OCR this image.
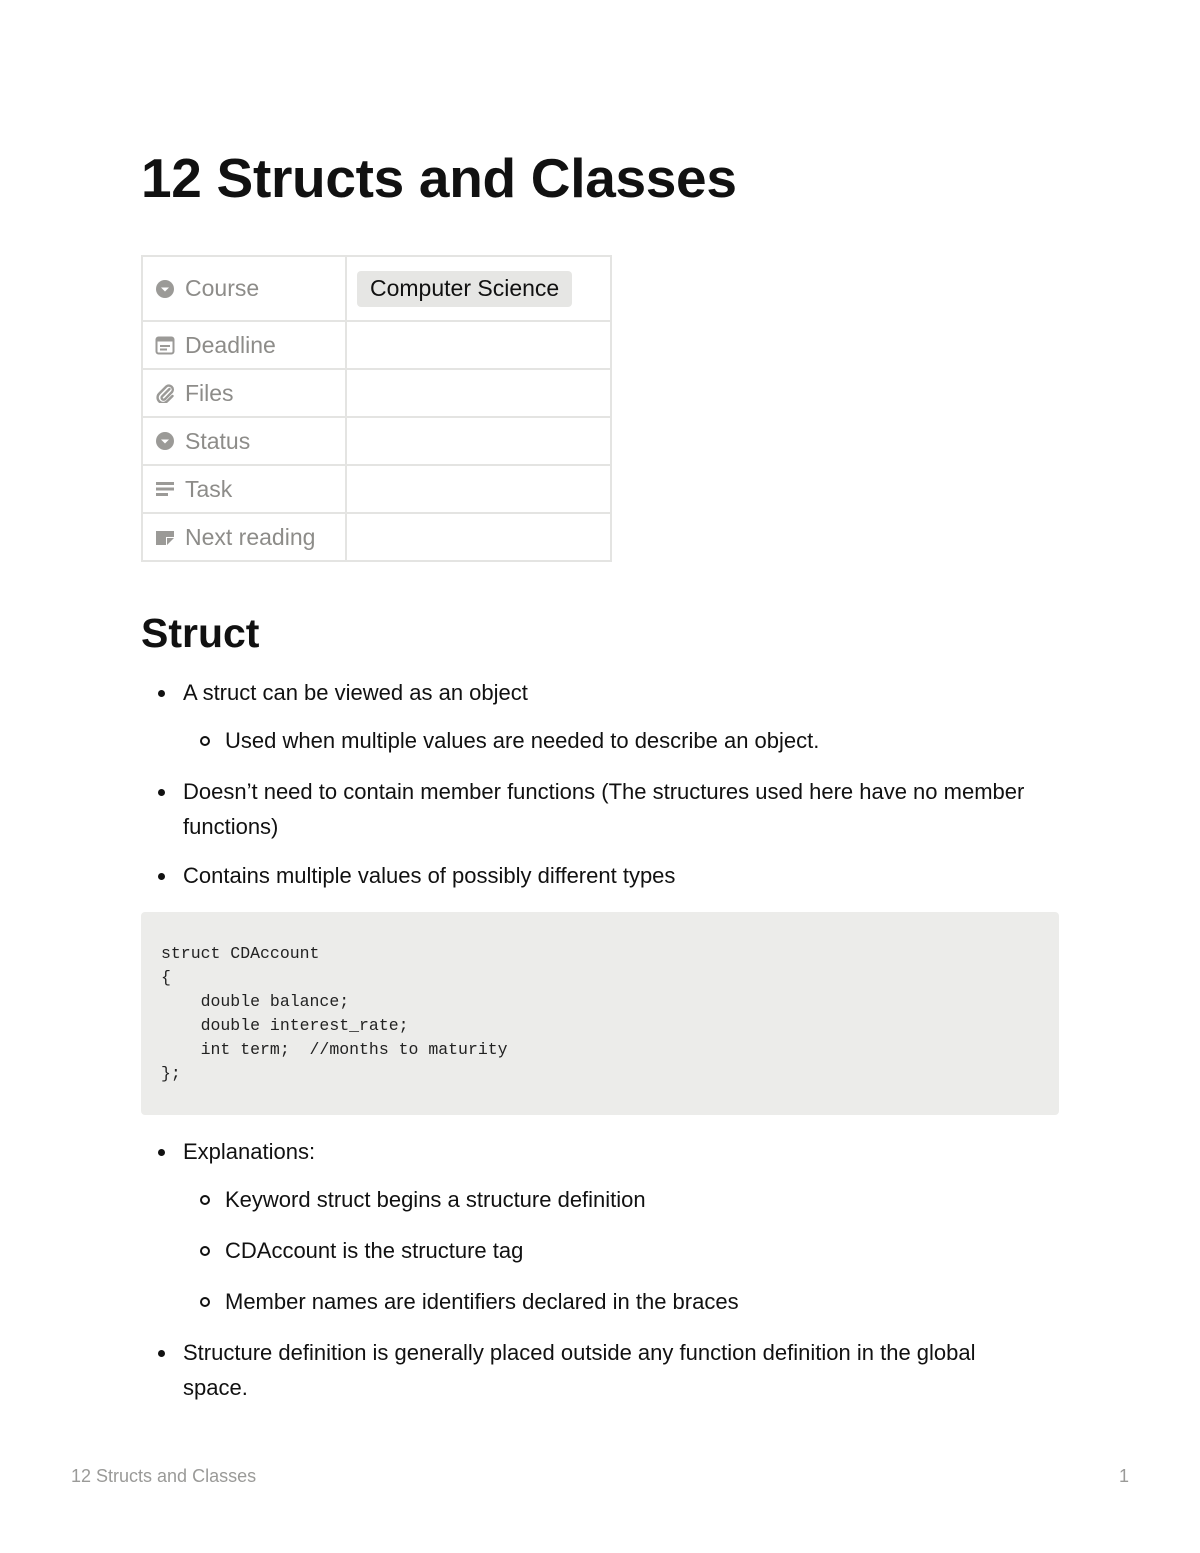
12 Structs and Classes
Course	Computer Science

Deadline	

Files	

Status	

Task	

Next reading	

Struct
A struct can be viewed as an object
Used when multiple values are needed to describe an object.
Doesn’t need to contain member functions (The structures used here have no member functions)
Contains multiple values of possibly different types
struct CDAccount
{
double balance;
double interest_rate;
int term;  //months to maturity
};
Explanations:
Keyword struct begins a structure definition
CDAccount is the structure tag
Member names are identifiers declared in the braces
Structure definition is generally placed outside any function definition in the global space.
12 Structs and Classes	1
